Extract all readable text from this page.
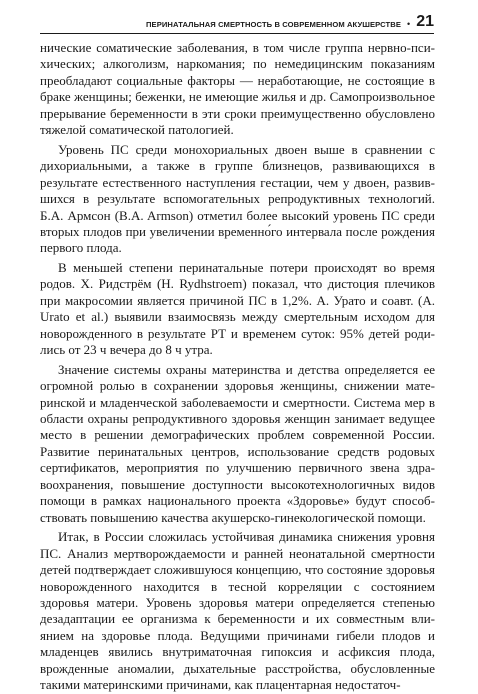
ПЕРИНАТАЛЬНАЯ СМЕРТНОСТЬ В СОВРЕМЕННОМ АКУШЕРСТВЕ • 21

нические соматические заболевания, в том числе группа нервно-психических; алкоголизм, наркомания; по немедицинским показаниям преобладают социальные факторы — неработающие, не состоящие в браке женщины; беженки, не имеющие жилья и др. Самопроизвольное прерывание беременности в эти сроки преимущественно обусловлено тяжелой соматической патологией.

Уровень ПС среди монохориальных двоен выше в сравнении с дихориальными, а также в группе близнецов, развивающихся в результате естественного наступления гестации, чем у двоен, развившихся в результате вспомогательных репродуктивных технологий. Б.А. Армсон (B.A. Armson) отметил более высокий уровень ПС среди вторых плодов при увеличении временно́го интервала после рождения первого плода.

В меньшей степени перинатальные потери происходят во время родов. Х. Ридстрём (H. Rydhstroem) показал, что дистоция плечиков при макросомии является причиной ПС в 1,2%. А. Урато и соавт. (A. Urato et al.) выявили взаимосвязь между смертельным исходом для новорожденного в результате РТ и временем суток: 95% детей родились от 23 ч вечера до 8 ч утра.

Значение системы охраны материнства и детства определяется ее огромной ролью в сохранении здоровья женщины, снижении материнской и младенческой заболеваемости и смертности. Система мер в области охраны репродуктивного здоровья женщин занимает ведущее место в решении демографических проблем современной России. Развитие перинатальных центров, использование средств родовых сертификатов, мероприятия по улучшению первичного звена здравоохранения, повышение доступности высокотехнологичных видов помощи в рамках национального проекта «Здоровье» будут способствовать повышению качества акушерско-гинекологической помощи.

Итак, в России сложилась устойчивая динамика снижения уровня ПС. Анализ мертворождаемости и ранней неонатальной смертности детей подтверждает сложившуюся концепцию, что состояние здоровья новорожденного находится в тесной корреляции с состоянием здоровья матери. Уровень здоровья матери определяется степенью дезадаптации ее организма к беременности и их совместным влиянием на здоровье плода. Ведущими причинами гибели плодов и младенцев явились внутриматочная гипоксия и асфиксия плода, врожденные аномалии, дыхательные расстройства, обусловленные такими материнскими причинами, как плацентарная недостаточ-
